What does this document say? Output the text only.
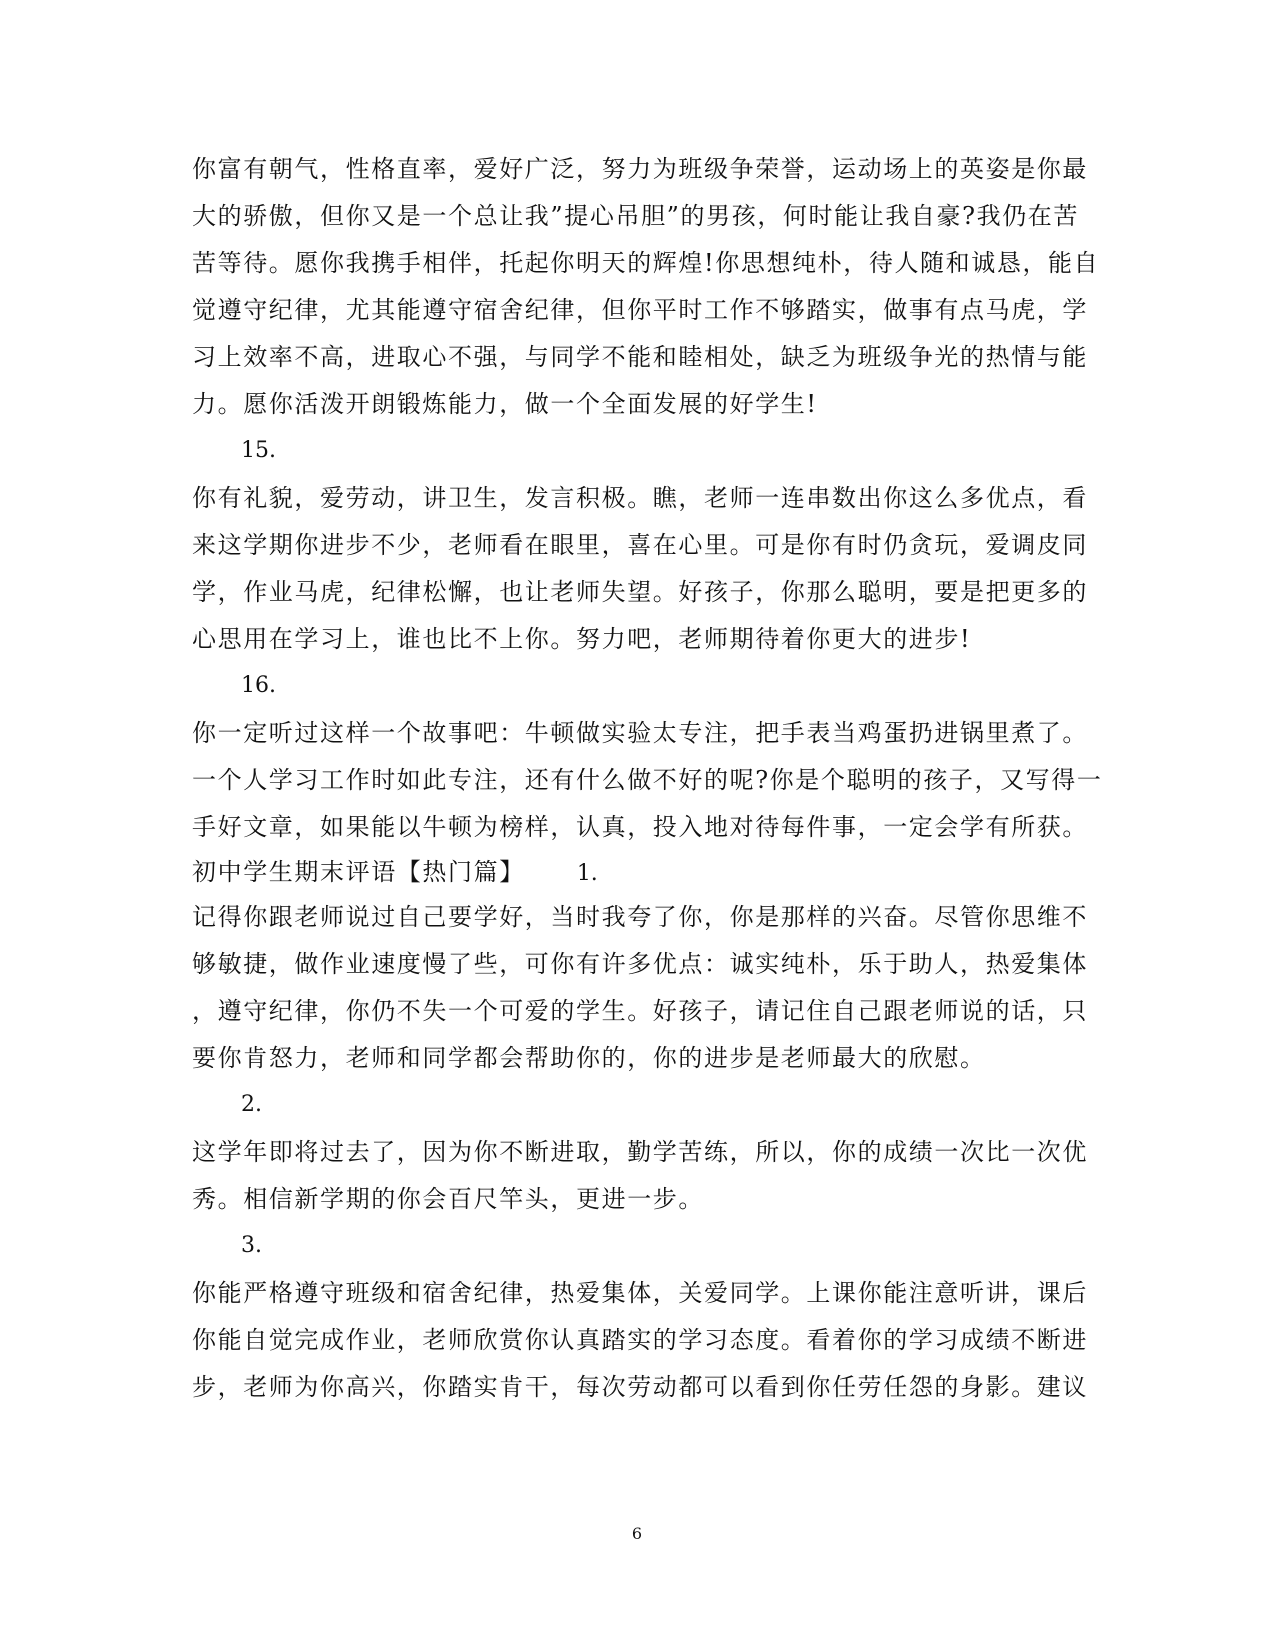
你富有朝气，性格直率，爱好广泛，努力为班级争荣誉，运动场上的英姿是你最
大的骄傲，但你又是一个总让我”提心吊胆”的男孩，何时能让我自豪?我仍在苦
苦等待。愿你我携手相伴，托起你明天的辉煌!你思想纯朴，待人随和诚恳，能自
觉遵守纪律，尤其能遵守宿舍纪律，但你平时工作不够踏实，做事有点马虎，学
习上效率不高，进取心不强，与同学不能和睦相处，缺乏为班级争光的热情与能
力。愿你活泼开朗锻炼能力，做一个全面发展的好学生!
15.
你有礼貌，爱劳动，讲卫生，发言积极。瞧，老师一连串数出你这么多优点，看
来这学期你进步不少，老师看在眼里，喜在心里。可是你有时仍贪玩，爱调皮同
学，作业马虎，纪律松懈，也让老师失望。好孩子，你那么聪明，要是把更多的
心思用在学习上，谁也比不上你。努力吧，老师期待着你更大的进步!
16.
你一定听过这样一个故事吧：牛顿做实验太专注，把手表当鸡蛋扔进锅里煮了。
一个人学习工作时如此专注，还有什么做不好的呢?你是个聪明的孩子，又写得一
手好文章，如果能以牛顿为榜样，认真，投入地对待每件事，一定会学有所获。
初中学生期末评语【热门篇】 1.
记得你跟老师说过自己要学好，当时我夸了你，你是那样的兴奋。尽管你思维不
够敏捷，做作业速度慢了些，可你有许多优点：诚实纯朴，乐于助人，热爱集体
，遵守纪律，你仍不失一个可爱的学生。好孩子，请记住自己跟老师说的话，只
要你肯怒力，老师和同学都会帮助你的，你的进步是老师最大的欣慰。
2.
这学年即将过去了，因为你不断进取，勤学苦练，所以，你的成绩一次比一次优
秀。相信新学期的你会百尺竿头，更进一步。
3.
你能严格遵守班级和宿舍纪律，热爱集体，关爱同学。上课你能注意听讲，课后
你能自觉完成作业，老师欣赏你认真踏实的学习态度。看着你的学习成绩不断进
步，老师为你高兴，你踏实肯干，每次劳动都可以看到你任劳任怨的身影。建议
6
